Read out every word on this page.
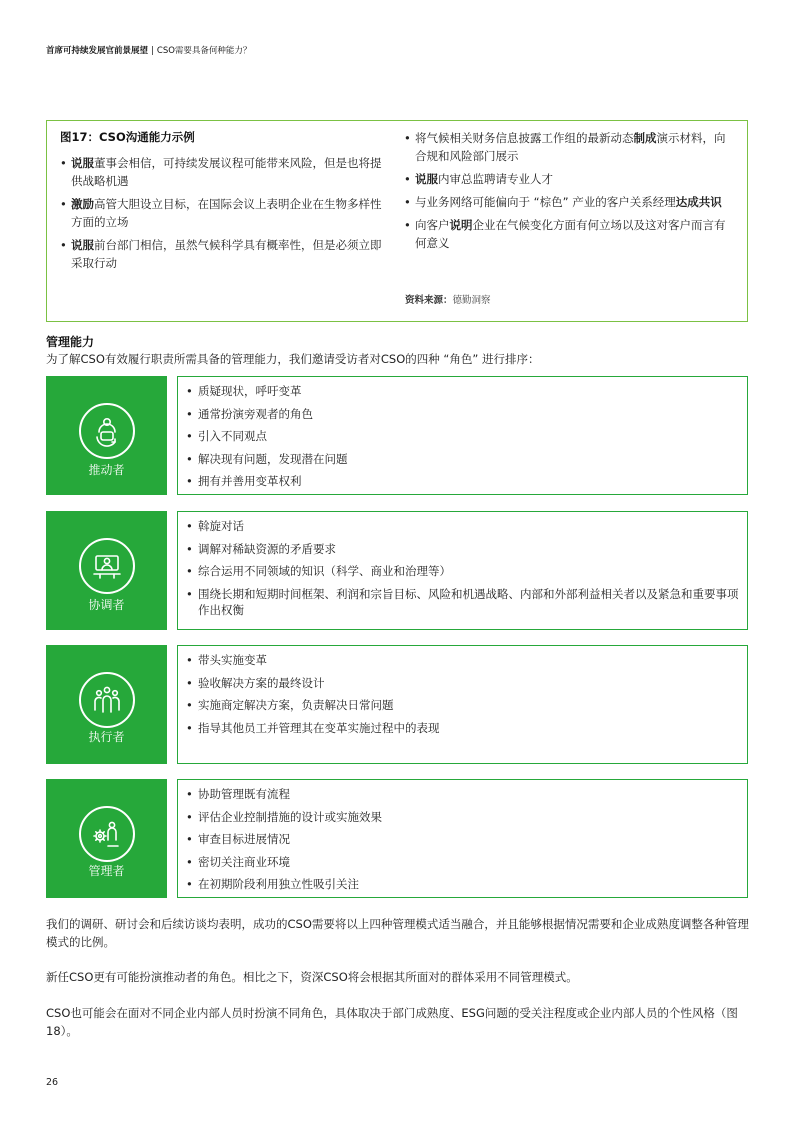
首席可持续发展官前景展望 | CSO需要具备何种能力？
图17：CSO沟通能力示例
• 说服董事会相信，可持续发展议程可能带来风险，但是也将提供战略机遇
• 激励高管大胆设立目标，在国际会议上表明企业在生物多样性方面的立场
• 说服前台部门相信，虽然气候科学具有概率性，但是必须立即采取行动
• 将气候相关财务信息披露工作组的最新动态制成演示材料，向合规和风险部门展示
• 说服内审总监聘请专业人才
• 与业务网络可能偏向于 “棕色” 产业的客户关系经理达成共识
• 向客户说明企业在气候变化方面有何立场以及这对客户而言有何意义
资料来源：德勤洞察
管理能力
为了解CSO有效履行职责所需具备的管理能力，我们邀请受访者对CSO的四种 “角色” 进行排序：
推动者
• 质疑现状，呼吁变革
• 通常扮演旁观者的角色
• 引入不同观点
• 解决现有问题，发现潜在问题
• 拥有并善用变革权利
协调者
• 斡旋对话
• 调解对稀缺资源的矛盾要求
• 综合运用不同领域的知识（科学、商业和治理等）
• 围绕长期和短期时间框架、利润和宗旨目标、风险和机遇战略、内部和外部利益相关者以及紧急和重要事项作出权衡
执行者
• 带头实施变革
• 验收解决方案的最终设计
• 实施商定解决方案，负责解决日常问题
• 指导其他员工并管理其在变革实施过程中的表现
管理者
• 协助管理既有流程
• 评估企业控制措施的设计或实施效果
• 审查目标进展情况
• 密切关注商业环境
• 在初期阶段利用独立性吸引关注

我们的调研、研讨会和后续访谈均表明，成功的CSO需要将以上四种管理模式适当融合，并且能够根据情况需要和企业成熟度调整各种管理模式的比例。

新任CSO更有可能扮演推动者的角色。相比之下，资深CSO将会根据其所面对的群体采用不同管理模式。

CSO也可能会在面对不同企业内部人员时扮演不同角色，具体取决于部门成熟度、ESG问题的受关注程度或企业内部人员的个性风格（图18）。

26
